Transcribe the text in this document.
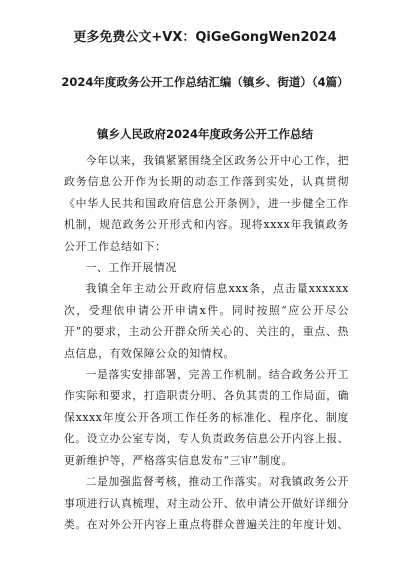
更多免费公文+VX：QiGeGongWen2024
2024年度政务公开工作总结汇编（镇乡、街道）（4篇）
镇乡人民政府2024年度政务公开工作总结

今年以来，我镇紧紧围绕全区政务公开中心工作，把政务信息公开作为长期的动态工作落到实处，认真贯彻《中华人民共和国政府信息公开条例》，进一步健全工作机制，规范政务公开形式和内容。现将xxxx年我镇政务公开工作总结如下：

一、工作开展情况

我镇全年主动公开政府信息xxx条，点击量xxxxxx次，受理依申请公开申请x件。同时按照“应公开尽公开”的要求，主动公开群众所关心的、关注的，重点、热点信息，有效保障公众的知情权。

一是落实安排部署，完善工作机制。结合政务公开工作实际和要求，打造职责分明、各负其责的工作局面，确保xxxx年度公开各项工作任务的标准化、程序化、制度化。设立办公室专岗，专人负责政务信息公开内容上报、更新维护等，严格落实信息发布“三审”制度。

二是加强监督考核，推动工作落实。对我镇政务公开事项进行认真梳理，对主动公开、依申请公开做好详细分类。在对外公开内容上重点将群众普遍关注的年度计划、
